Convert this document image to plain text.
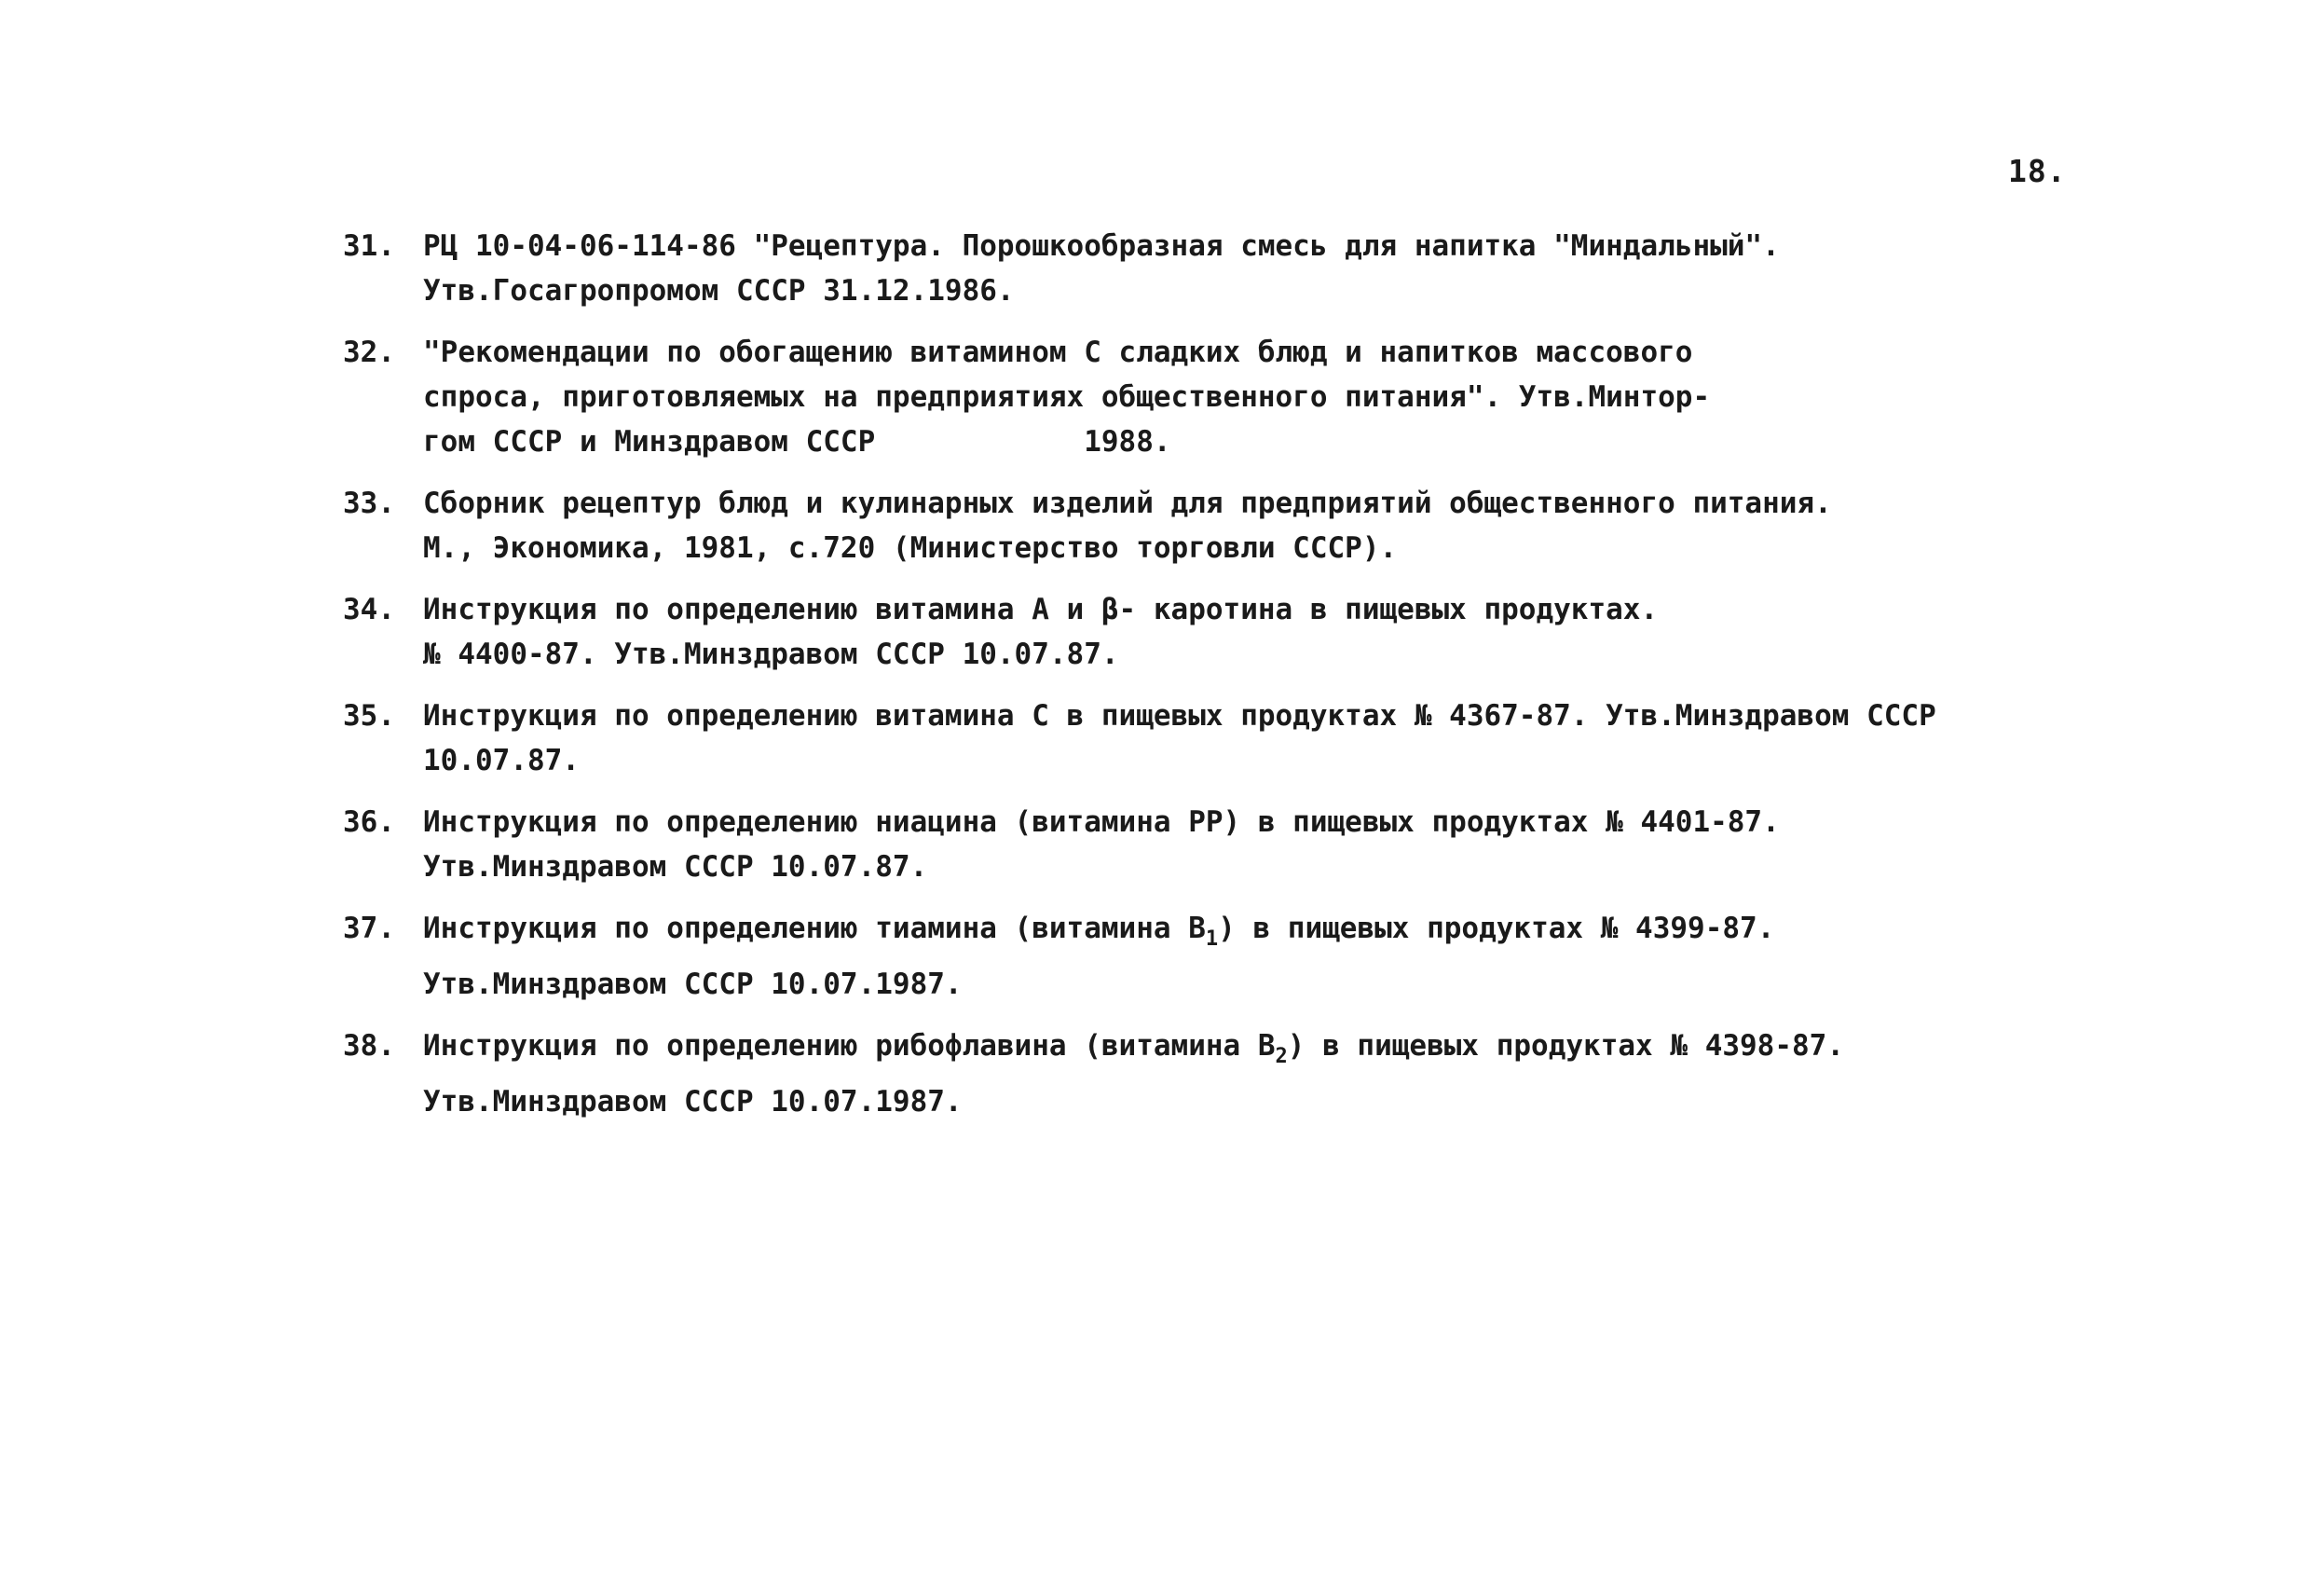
18.
31. РЦ 10-04-06-114-86 "Рецептура. Порошкообразная смесь для напитка "Миндальный".
Утв.Госагропромом СССР 31.12.1986.
32. "Рекомендации по обогащению витамином С сладких блюд и напитков массового
спроса, приготовляемых на предприятиях общественного питания". Утв.Минтор-
гом СССР и Минздравом СССР            1988.
33. Сборник рецептур блюд и кулинарных изделий для предприятий общественного питания.
М., Экономика, 1981, с.720 (Министерство торговли СССР).
34. Инструкция по определению витамина А и β- каротина в пищевых продуктах.
№ 4400-87. Утв.Минздравом СССР 10.07.87.
35. Инструкция по определению витамина С в пищевых продуктах № 4367-87. Утв.Минздравом СССР
10.07.87.
36. Инструкция по определению ниацина (витамина РР) в пищевых продуктах № 4401-87.
Утв.Минздравом СССР 10.07.87.
37. Инструкция по определению тиамина (витамина $В_1$) в пищевых продуктах № 4399-87.
Утв.Минздравом СССР 10.07.1987.
38. Инструкция по определению рибофлавина (витамина $В_2$) в пищевых продуктах № 4398-87.
Утв.Минздравом СССР 10.07.1987.
